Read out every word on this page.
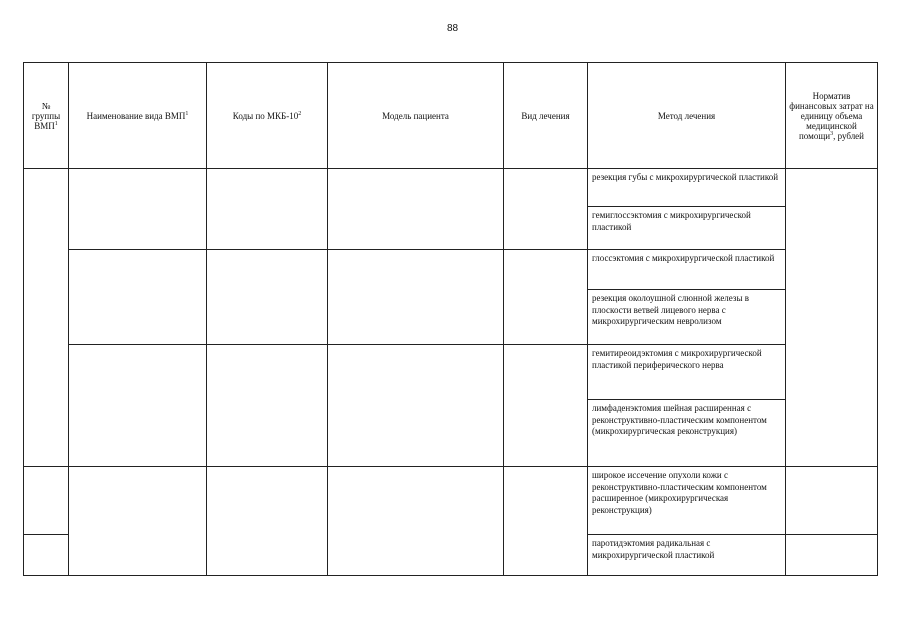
88
№ группы ВМП$^1$	Наименование вида ВМП$^1$	Коды по МКБ-$10^2$	Модель пациента	Вид лечения	Метод лечения	Норматив финансовых затрат на единицу объема медицинской помощи$^3$, рублей
					резекция губы с микрохирургической пластикой	
					гемиглоссэктомия с микрохирургической пластикой	
					глоссэктомия с микрохирургической пластикой	
					резекция околоушной слюнной железы в плоскости ветвей лицевого нерва с микрохирургическим невролизом	
					гемитиреоидэктомия с микрохирургической пластикой периферического нерва	
					лимфаденэктомия шейная расширенная с реконструктивно-пластическим компонентом (микрохирургическая реконструкция)	
					широкое иссечение опухоли кожи с реконструктивно-пластическим компонентом расширенное (микрохирургическая реконструкция)	
					паротидэктомия радикальная с микрохирургической пластикой	
